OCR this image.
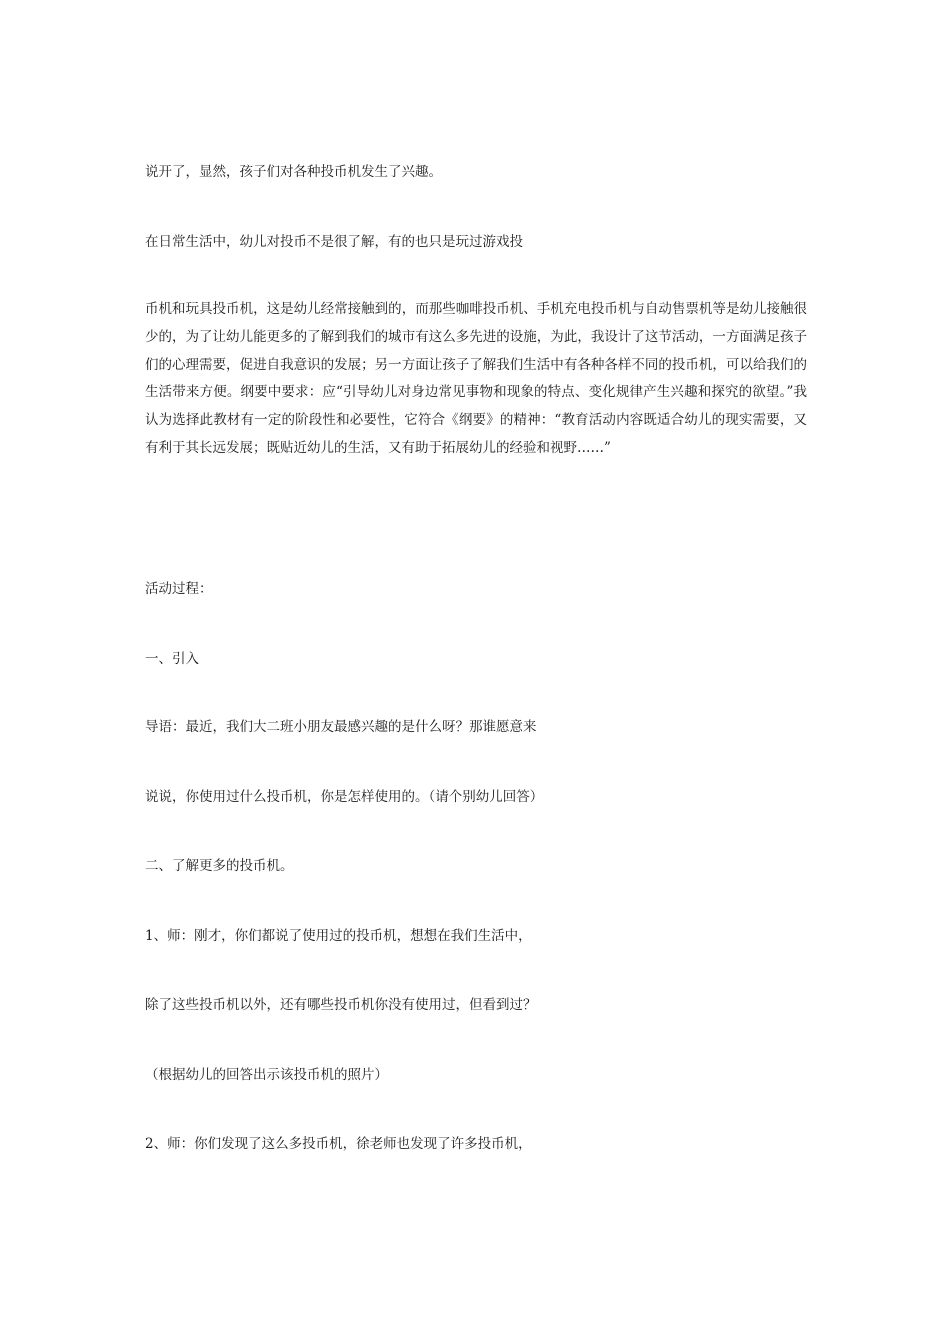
说开了，显然，孩子们对各种投币机发生了兴趣。

在日常生活中，幼儿对投币不是很了解，有的也只是玩过游戏投

币机和玩具投币机，这是幼儿经常接触到的，而那些咖啡投币机、手机充电投币机与自动售票机等是幼儿接触很少的，为了让幼儿能更多的了解到我们的城市有这么多先进的设施，为此，我设计了这节活动，一方面满足孩子们的心理需要，促进自我意识的发展；另一方面让孩子了解我们生活中有各种各样不同的投币机，可以给我们的生活带来方便。纲要中要求：应“引导幼儿对身边常见事物和现象的特点、变化规律产生兴趣和探究的欲望。”我认为选择此教材有一定的阶段性和必要性，它符合《纲要》的精神：“教育活动内容既适合幼儿的现实需要，又有利于其长远发展；既贴近幼儿的生活，又有助于拓展幼儿的经验和视野……”

活动过程：

一、引入

导语：最近，我们大二班小朋友最感兴趣的是什么呀？那谁愿意来

说说，你使用过什么投币机，你是怎样使用的。（请个别幼儿回答）

二、了解更多的投币机。

1、师：刚才，你们都说了使用过的投币机，想想在我们生活中，

除了这些投币机以外，还有哪些投币机你没有使用过，但看到过？

（根据幼儿的回答出示该投币机的照片）

2、师：你们发现了这么多投币机，徐老师也发现了许多投币机，
